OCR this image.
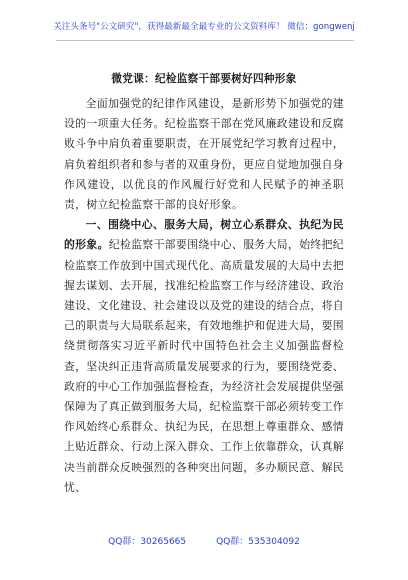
关注头条号"公文研究"，获得最新最全最专业的公文资料库！ 微信：gongwenj
微党课：纪检监察干部要树好四种形象

全面加强党的纪律作风建设，是新形势下加强党的建设的一项重大任务。纪检监察干部在党风廉政建设和反腐败斗争中肩负着重要职责，在开展党纪学习教育过程中，肩负着组织者和参与者的双重身份，更应自觉地加强自身作风建设，以优良的作风履行好党和人民赋予的神圣职责，树立纪检监察干部的良好形象。

一、围绕中心、服务大局，树立心系群众、执纪为民的形象。纪检监察干部要围绕中心、服务大局，始终把纪检监察工作放到中国式现代化、高质量发展的大局中去把握去谋划、去开展，找准纪检监察工作与经济建设、政治建设、文化建设、社会建设以及党的建设的结合点，将自己的职责与大局联系起来，有效地维护和促进大局，要围绕贯彻落实习近平新时代中国特色社会主义加强监督检查，坚决纠正违背高质量发展要求的行为，要围绕党委、政府的中心工作加强监督检查，为经济社会发展提供坚强保障为了真正做到服务大局，纪检监察干部必须转变工作作风始终心系群众、执纪为民，在思想上尊重群众、感情上贴近群众、行动上深入群众、工作上依靠群众，认真解决当前群众反映强烈的各种突出问题，多办顺民意、解民忧、

QQ群：30265665	QQ群：535304092
